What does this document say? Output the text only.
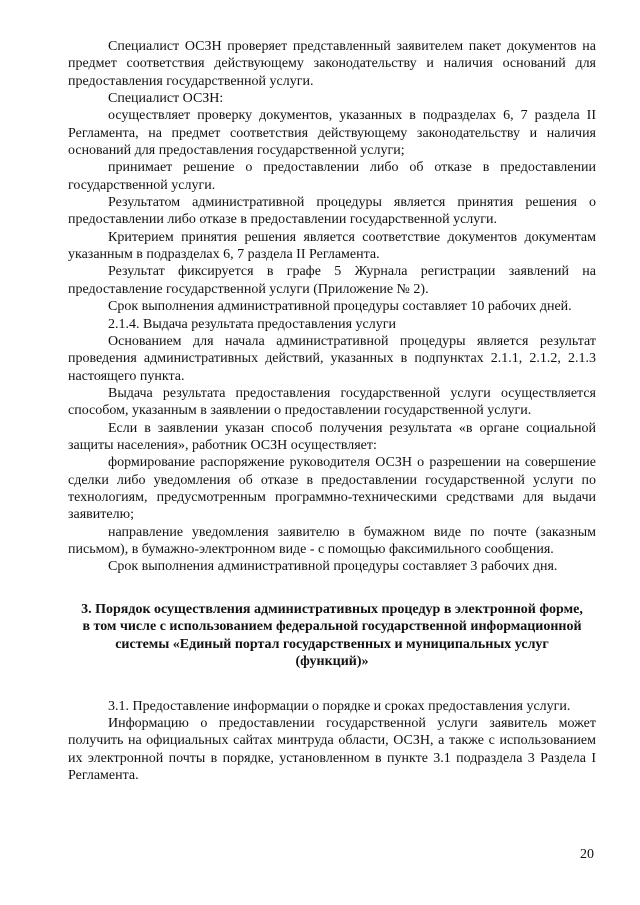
Специалист ОСЗН проверяет представленный заявителем пакет документов на предмет соответствия действующему законодательству и наличия оснований для предоставления государственной услуги.

Специалист ОСЗН:

осуществляет проверку документов, указанных в подразделах 6, 7 раздела II Регламента, на предмет соответствия действующему законодательству и наличия оснований для предоставления государственной услуги;

принимает решение о предоставлении либо об отказе в предоставлении государственной услуги.

Результатом административной процедуры является принятия решения о предоставлении либо отказе в предоставлении государственной услуги.

Критерием принятия решения является соответствие документов документам указанным в подразделах 6, 7 раздела II Регламента.

Результат фиксируется в графе 5 Журнала регистрации заявлений на предоставление государственной услуги (Приложение № 2).

Срок выполнения административной процедуры составляет 10 рабочих дней.

2.1.4. Выдача результата предоставления услуги

Основанием для начала административной процедуры является результат проведения административных действий, указанных в подпунктах 2.1.1, 2.1.2, 2.1.3 настоящего пункта.

Выдача результата предоставления государственной услуги осуществляется способом, указанным в заявлении о предоставлении государственной услуги.

Если в заявлении указан способ получения результата «в органе социальной защиты населения», работник ОСЗН осуществляет:

формирование распоряжение руководителя ОСЗН о разрешении на совершение сделки либо уведомления об отказе в предоставлении государственной услуги по технологиям, предусмотренным программно-техническими средствами для выдачи заявителю;

направление уведомления заявителю в бумажном виде по почте (заказным письмом), в бумажно-электронном виде - с помощью факсимильного сообщения.

Срок выполнения административной процедуры составляет 3 рабочих дня.

3. Порядок осуществления административных процедур в электронной форме, в том числе с использованием федеральной государственной информационной системы «Единый портал государственных и муниципальных услуг (функций)»

3.1. Предоставление информации о порядке и сроках предоставления услуги.

Информацию о предоставлении государственной услуги заявитель может получить на официальных сайтах минтруда области, ОСЗН, а также с использованием их электронной почты в порядке, установленном в пункте 3.1 подраздела 3 Раздела I Регламента.

20
